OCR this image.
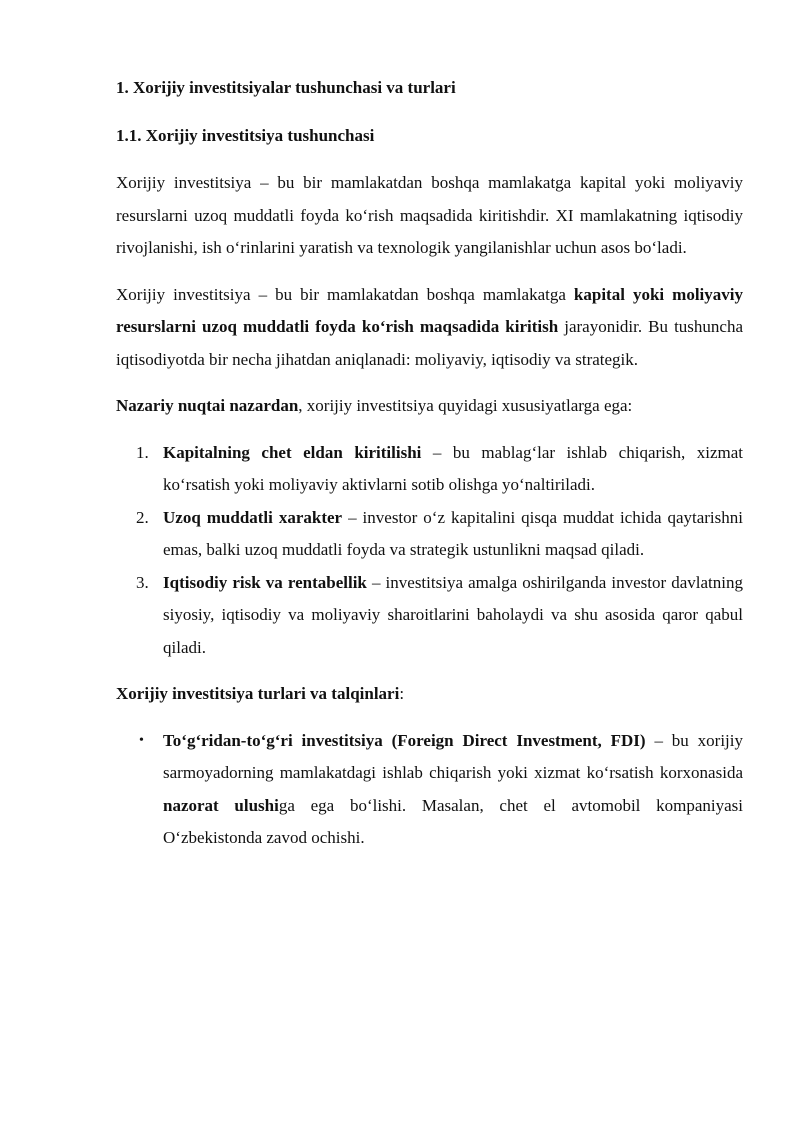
1. Xorijiy investitsiyalar tushunchasi va turlari

1.1. Xorijiy investitsiya tushunchasi

Xorijiy investitsiya – bu bir mamlakatdan boshqa mamlakatga kapital yoki moliyaviy resurslarni uzoq muddatli foyda koʻrish maqsadida kiritishdir. XI mamlakatning iqtisodiy rivojlanishi, ish oʻrinlarini yaratish va texnologik yangilanishlar uchun asos boʻladi.

Xorijiy investitsiya – bu bir mamlakatdan boshqa mamlakatga kapital yoki moliyaviy resurslarni uzoq muddatli foyda koʻrish maqsadida kiritish jarayonidir. Bu tushuncha iqtisodiyotda bir necha jihatdan aniqlanadi: moliyaviy, iqtisodiy va strategik.

Nazariy nuqtai nazardan, xorijiy investitsiya quyidagi xususiyatlarga ega:

1. Kapitalning chet eldan kiritilishi – bu mablagʻlar ishlab chiqarish, xizmat koʻrsatish yoki moliyaviy aktivlarni sotib olishga yoʻnaltiriladi.
2. Uzoq muddatli xarakter – investor oʻz kapitalini qisqa muddat ichida qaytarishni emas, balki uzoq muddatli foyda va strategik ustunlikni maqsad qiladi.
3. Iqtisodiy risk va rentabellik – investitsiya amalga oshirilganda investor davlatning siyosiy, iqtisodiy va moliyaviy sharoitlarini baholaydi va shu asosida qaror qabul qiladi.

Xorijiy investitsiya turlari va talqinlari:

• Toʻgʻridan-toʻgʻri investitsiya (Foreign Direct Investment, FDI) – bu xorijiy sarmoyadorning mamlakatdagi ishlab chiqarish yoki xizmat koʻrsatish korxonasida nazorat ulushiga ega boʻlishi. Masalan, chet el avtomobil kompaniyasi Oʻzbekistonda zavod ochishi.
